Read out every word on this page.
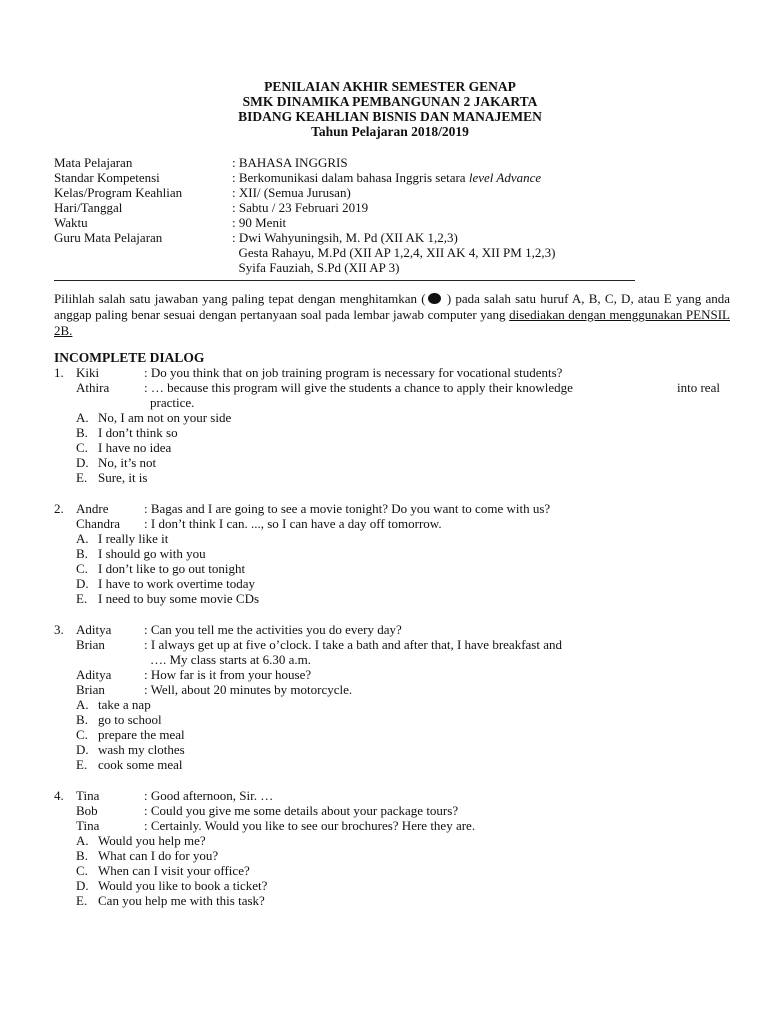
PENILAIAN AKHIR SEMESTER GENAP
SMK DINAMIKA PEMBANGUNAN 2 JAKARTA
BIDANG KEAHLIAN BISNIS DAN MANAJEMEN
Tahun Pelajaran 2018/2019
Mata Pelajaran	: BAHASA INGGRIS
Standar Kompetensi	: Berkomunikasi dalam bahasa Inggris setara level Advance
Kelas/Program Keahlian	: XII/ (Semua Jurusan)
Hari/Tanggal	: Sabtu / 23 Februari 2019
Waktu	: 90 Menit
Guru Mata Pelajaran	: Dwi Wahyuningsih, M. Pd (XII AK 1,2,3)
Gesta Rahayu, M.Pd (XII AP 1,2,4, XII AK 4, XII PM 1,2,3)
Syifa Fauziah, S.Pd (XII AP 3)
Pilihlah salah satu jawaban yang paling tepat dengan menghitamkan ( ) pada salah satu huruf A, B, C, D, atau E yang anda anggap paling benar sesuai dengan pertanyaan soal pada lembar jawab computer yang disediakan dengan menggunakan PENSIL 2B.
INCOMPLETE DIALOG
1. Kiki	: Do you think that on job training program is necessary for vocational students?
Athira	: … because this program will give the students a chance to apply their knowledge	into real
practice.
A. No, I am not on your side
B. I don’t think so
C. I have no idea
D. No, it’s not
E. Sure, it is
2. Andre	: Bagas and I are going to see a movie tonight? Do you want to come with us?
Chandra : I don’t think I can. ..., so I can have a day off tomorrow.
A. I really like it
B. I should go with you
C. I don’t like to go out tonight
D. I have to work overtime today
E. I need to buy some movie CDs
3. Aditya	: Can you tell me the activities you do every day?
Brian	: I always get up at five o’clock. I take a bath and after that, I have breakfast and
…. My class starts at 6.30 a.m.
Aditya	: How far is it from your house?
Brian	: Well, about 20 minutes by motorcycle.
A. take a nap
B. go to school
C. prepare the meal
D. wash my clothes
E. cook some meal
4. Tina	: Good afternoon, Sir. …
Bob	: Could you give me some details about your package tours?
Tina	: Certainly. Would you like to see our brochures? Here they are.
A. Would you help me?
B. What can I do for you?
C. When can I visit your office?
D. Would you like to book a ticket?
E. Can you help me with this task?
